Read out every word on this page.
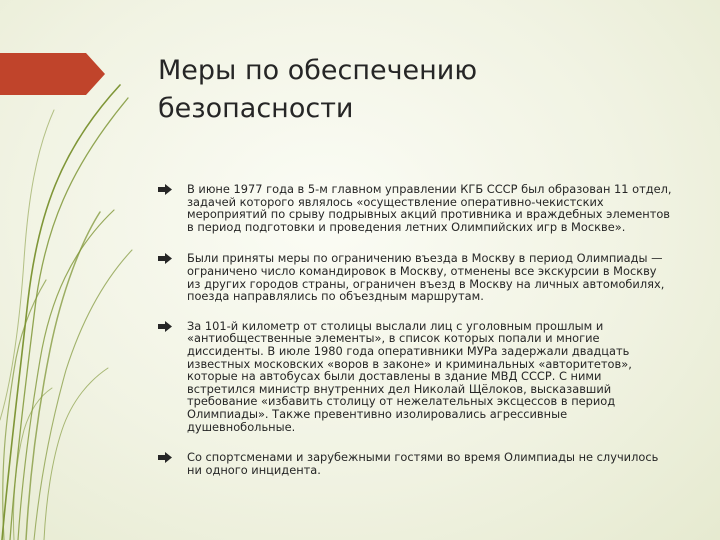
Меры по обеспечению безопасности
В июне 1977 года в 5-м главном управлении КГБ СССР был образован 11 отдел, задачей которого являлось «осуществление оперативно-чекистских мероприятий по срыву подрывных акций противника и враждебных элементов в период подготовки и проведения летних Олимпийских игр в Москве».
Были приняты меры по ограничению въезда в Москву в период Олимпиады — ограничено число командировок в Москву, отменены все экскурсии в Москву из других городов страны, ограничен въезд в Москву на личных автомобилях, поезда направлялись по объездным маршрутам.
За 101-й километр от столицы выслали лиц с уголовным прошлым и «антиобщественные элементы», в список которых попали и многие диссиденты. В июле 1980 года оперативники МУРа задержали двадцать известных московских «воров в законе» и криминальных «авторитетов», которые на автобусах были доставлены в здание МВД СССР. С ними встретился министр внутренних дел Николай Щёлоков, высказавший требование «избавить столицу от нежелательных эксцессов в период Олимпиады». Также превентивно изолировались агрессивные душевнобольные.
Со спортсменами и зарубежными гостями во время Олимпиады не случилось ни одного инцидента.
